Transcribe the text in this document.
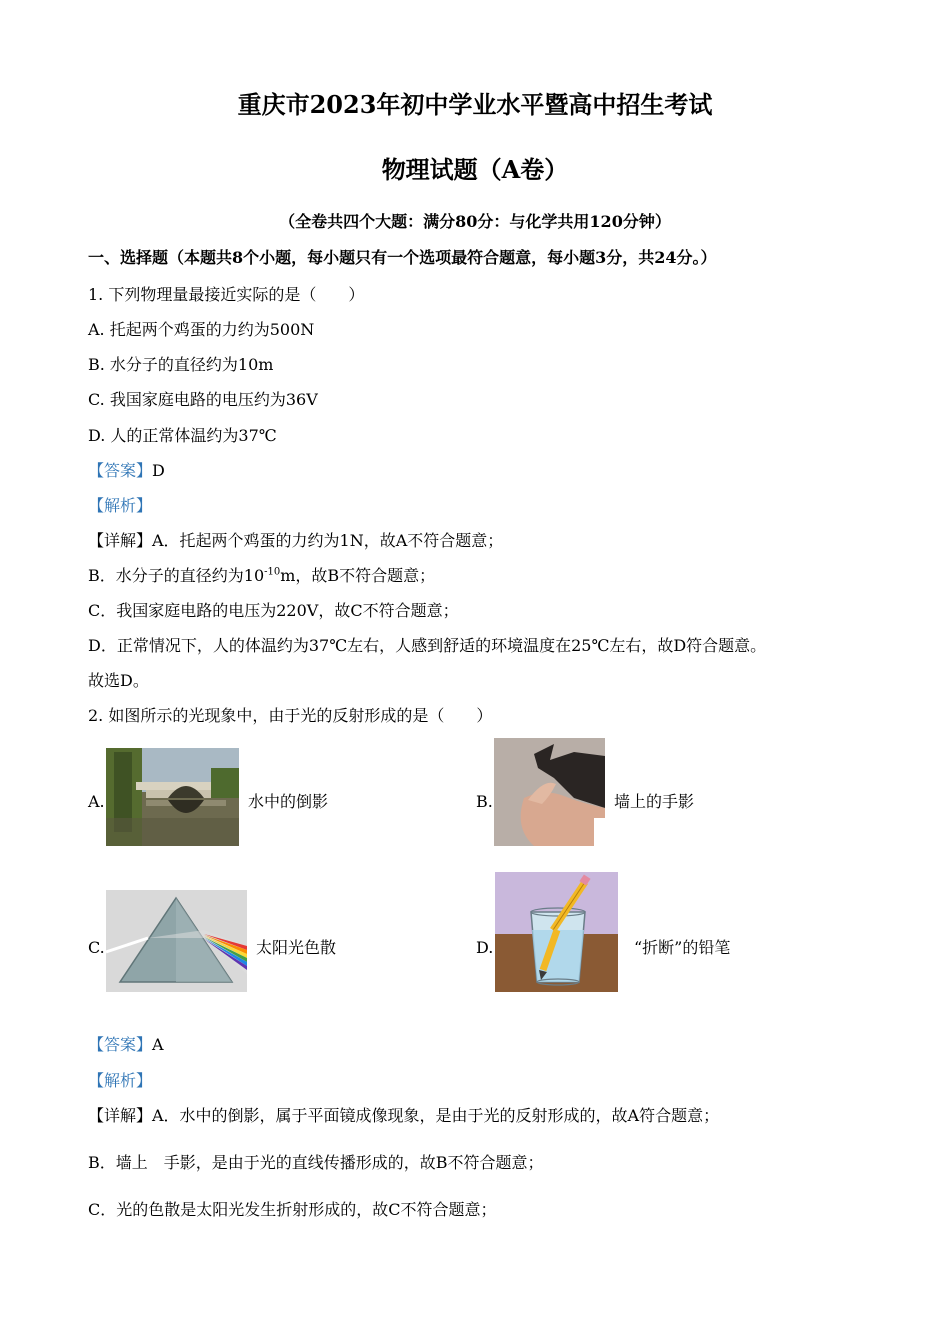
重庆市2023年初中学业水平暨高中招生考试
物理试题（A卷）
（全卷共四个大题：满分80分：与化学共用120分钟）
一、选择题（本题共8个小题，每小题只有一个选项最符合题意，每小题3分，共24分。）
1. 下列物理量最接近实际的是（　　）
A. 托起两个鸡蛋的力约为500N
B. 水分子的直径约为10m
C. 我国家庭电路的电压约为36V
D. 人的正常体温约为37℃
【答案】D
【解析】
【详解】A．托起两个鸡蛋的力约为1N，故A不符合题意；
B．水分子的直径约为$10^{-10}m$，故B不符合题意；
C．我国家庭电路的电压为220V，故C不符合题意；
D．正常情况下，人的体温约为37℃左右，人感到舒适的环境温度在25℃左右，故D符合题意。
故选D。
2. 如图所示的光现象中，由于光的反射形成的是（　　）
A.	水中的倒影	B.	墙上的手影
C.	太阳光色散	D.	“折断”的铅笔
【答案】A
【解析】
【详解】A．水中的倒影，属于平面镜成像现象，是由于光的反射形成的，故A符合题意；
B．墙上　手影，是由于光的直线传播形成的，故B不符合题意；
C．光的色散是太阳光发生折射形成的，故C不符合题意；
